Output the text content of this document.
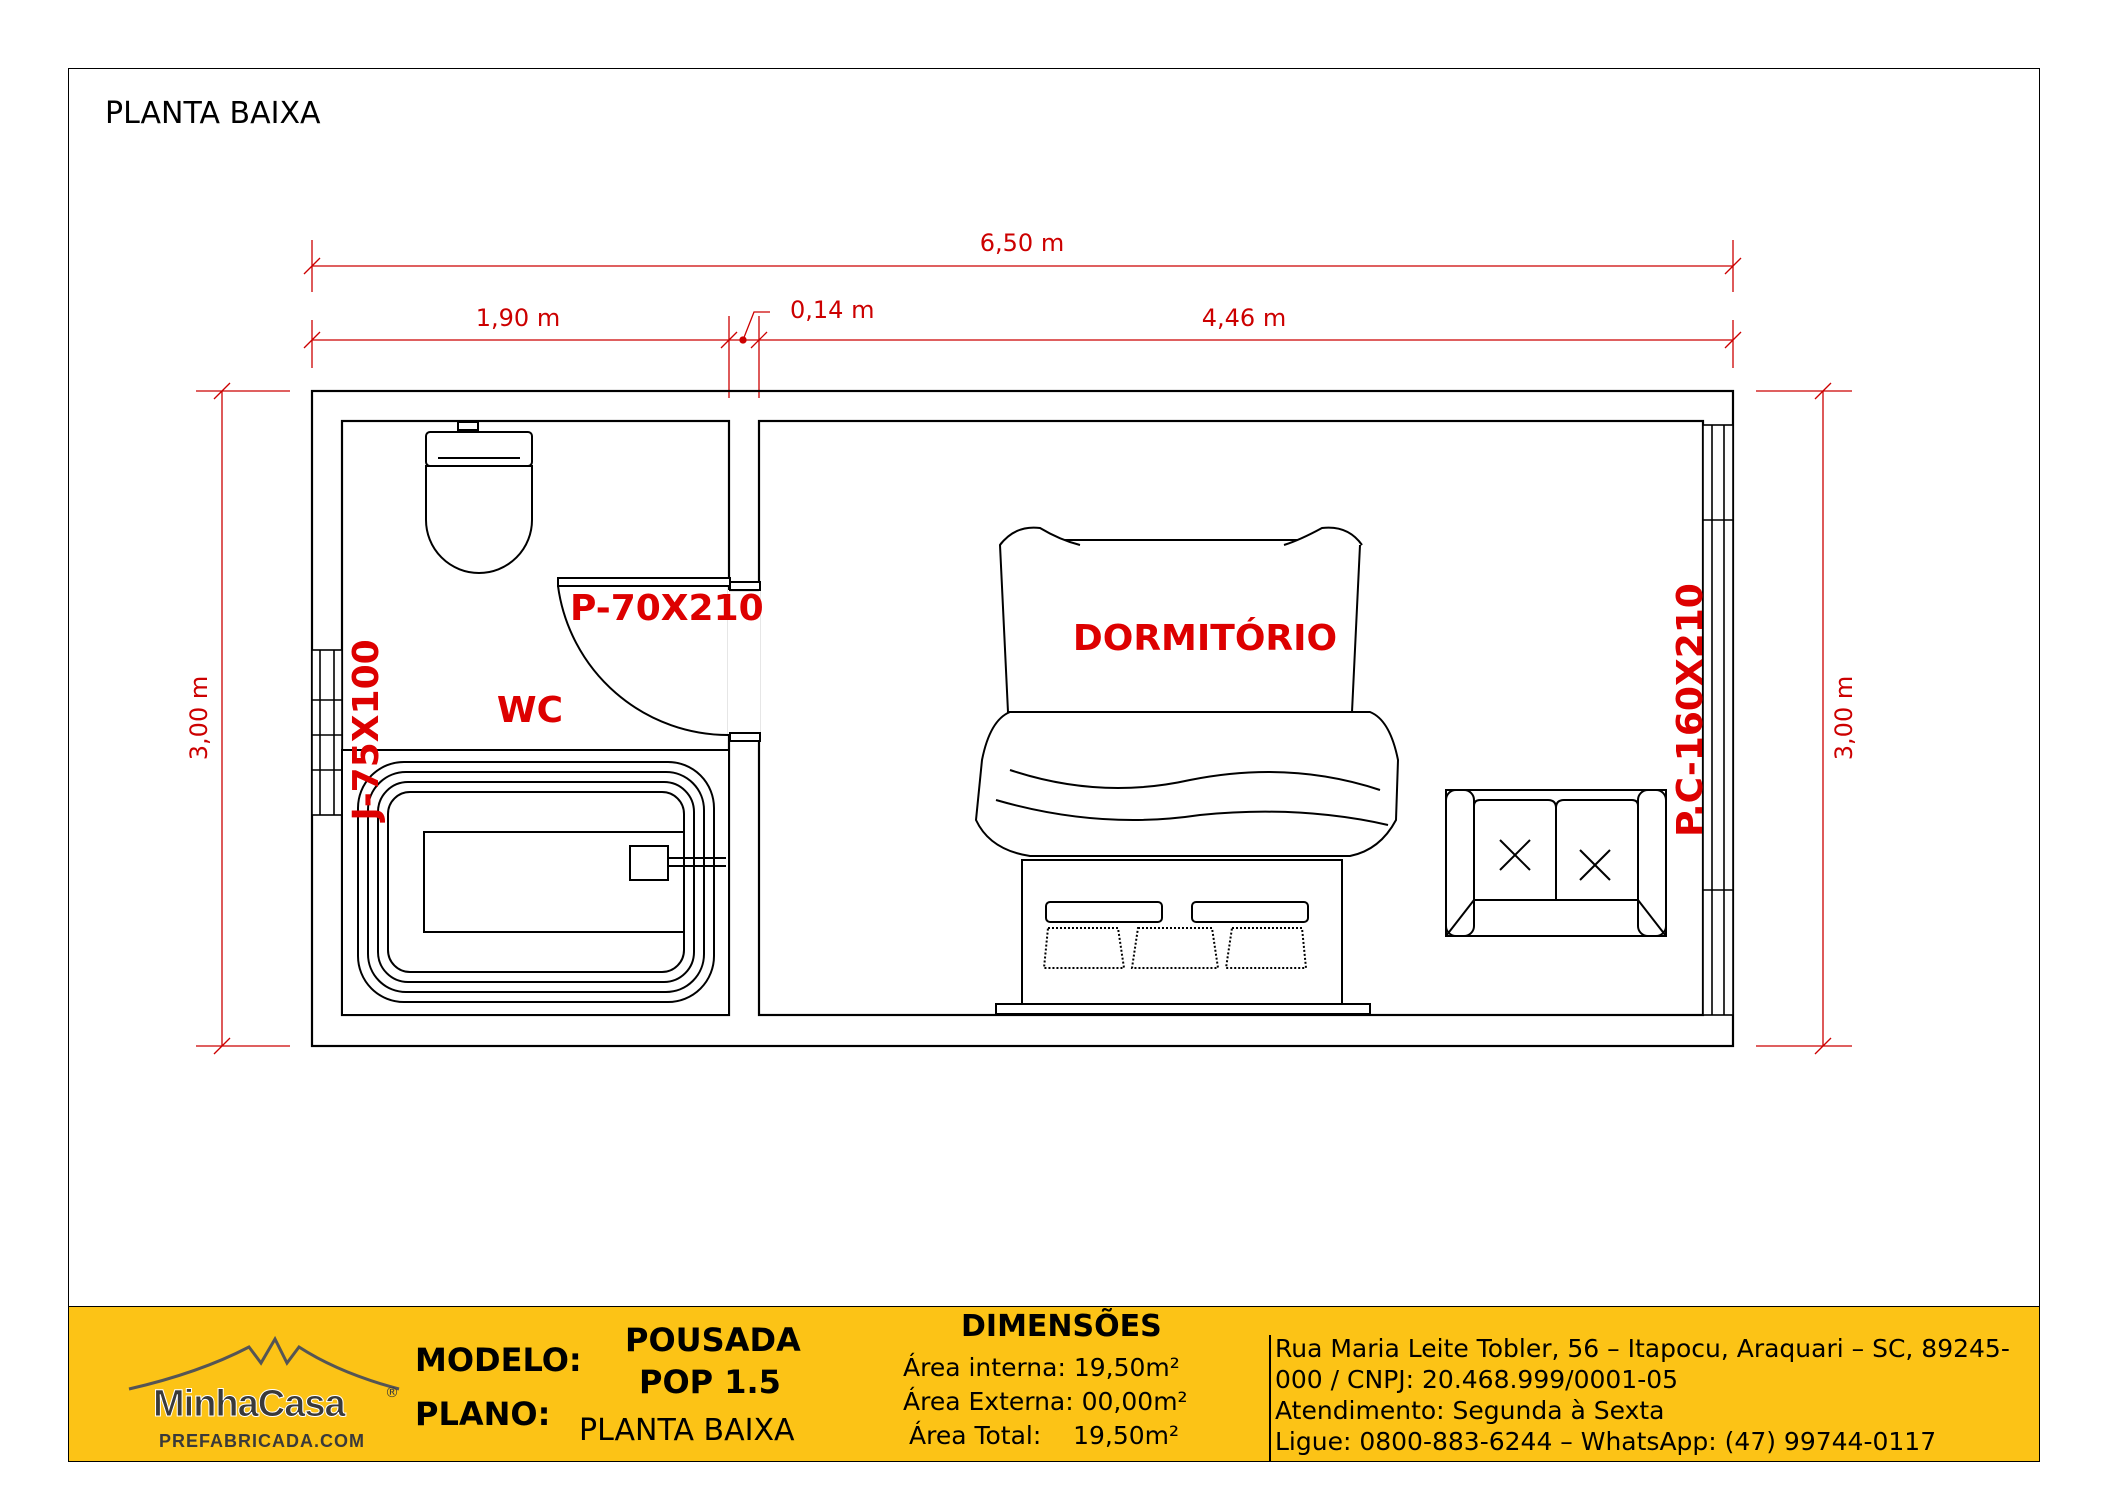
PLANTA BAIXA
6,50 m
1,90 m	0,14 m	4,46 m
3,00 m	3,00 m
P-70X210
J-75X100	WC
DORMITÓRIO	P.C-160X210
MinhaCasa	®
PREFABRICADA.COM
MODELO:
PLANO:
POUSADA
POP 1.5
PLANTA BAIXA
DIMENSÕES
Área interna: 19,50m²
Área Externa: 00,00m²
Área Total:    19,50m²
Rua Maria Leite Tobler, 56 – Itapocu, Araquari – SC, 89245-
000 / CNPJ: 20.468.999/0001-05
Atendimento: Segunda à Sexta
Ligue: 0800-883-6244 – WhatsApp: (47) 99744-0117
